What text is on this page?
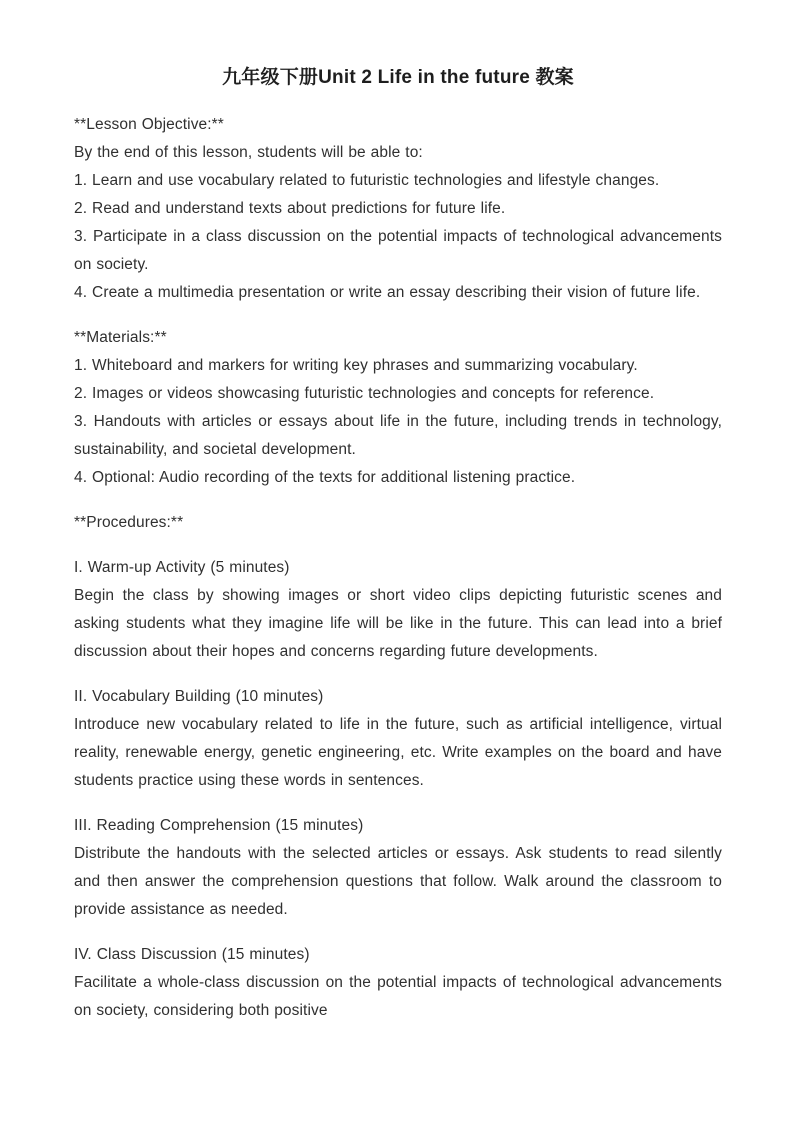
九年级下册Unit 2 Life in the future 教案

**Lesson Objective:**

By the end of this lesson, students will be able to:

1. Learn and use vocabulary related to futuristic technologies and lifestyle changes.

2. Read and understand texts about predictions for future life.

3. Participate in a class discussion on the potential impacts of technological advancements on society.

4. Create a multimedia presentation or write an essay describing their vision of future life.

**Materials:**

1. Whiteboard and markers for writing key phrases and summarizing vocabulary.

2. Images or videos showcasing futuristic technologies and concepts for reference.

3. Handouts with articles or essays about life in the future, including trends in technology, sustainability, and societal development.

4. Optional: Audio recording of the texts for additional listening practice.

**Procedures:**

I. Warm-up Activity (5 minutes)

Begin the class by showing images or short video clips depicting futuristic scenes and asking students what they imagine life will be like in the future. This can lead into a brief discussion about their hopes and concerns regarding future developments.

II. Vocabulary Building (10 minutes)

Introduce new vocabulary related to life in the future, such as artificial intelligence, virtual reality, renewable energy, genetic engineering, etc. Write examples on the board and have students practice using these words in sentences.

III. Reading Comprehension (15 minutes)

Distribute the handouts with the selected articles or essays. Ask students to read silently and then answer the comprehension questions that follow. Walk around the classroom to provide assistance as needed.

IV. Class Discussion (15 minutes)

Facilitate a whole-class discussion on the potential impacts of technological advancements on society, considering both positive
